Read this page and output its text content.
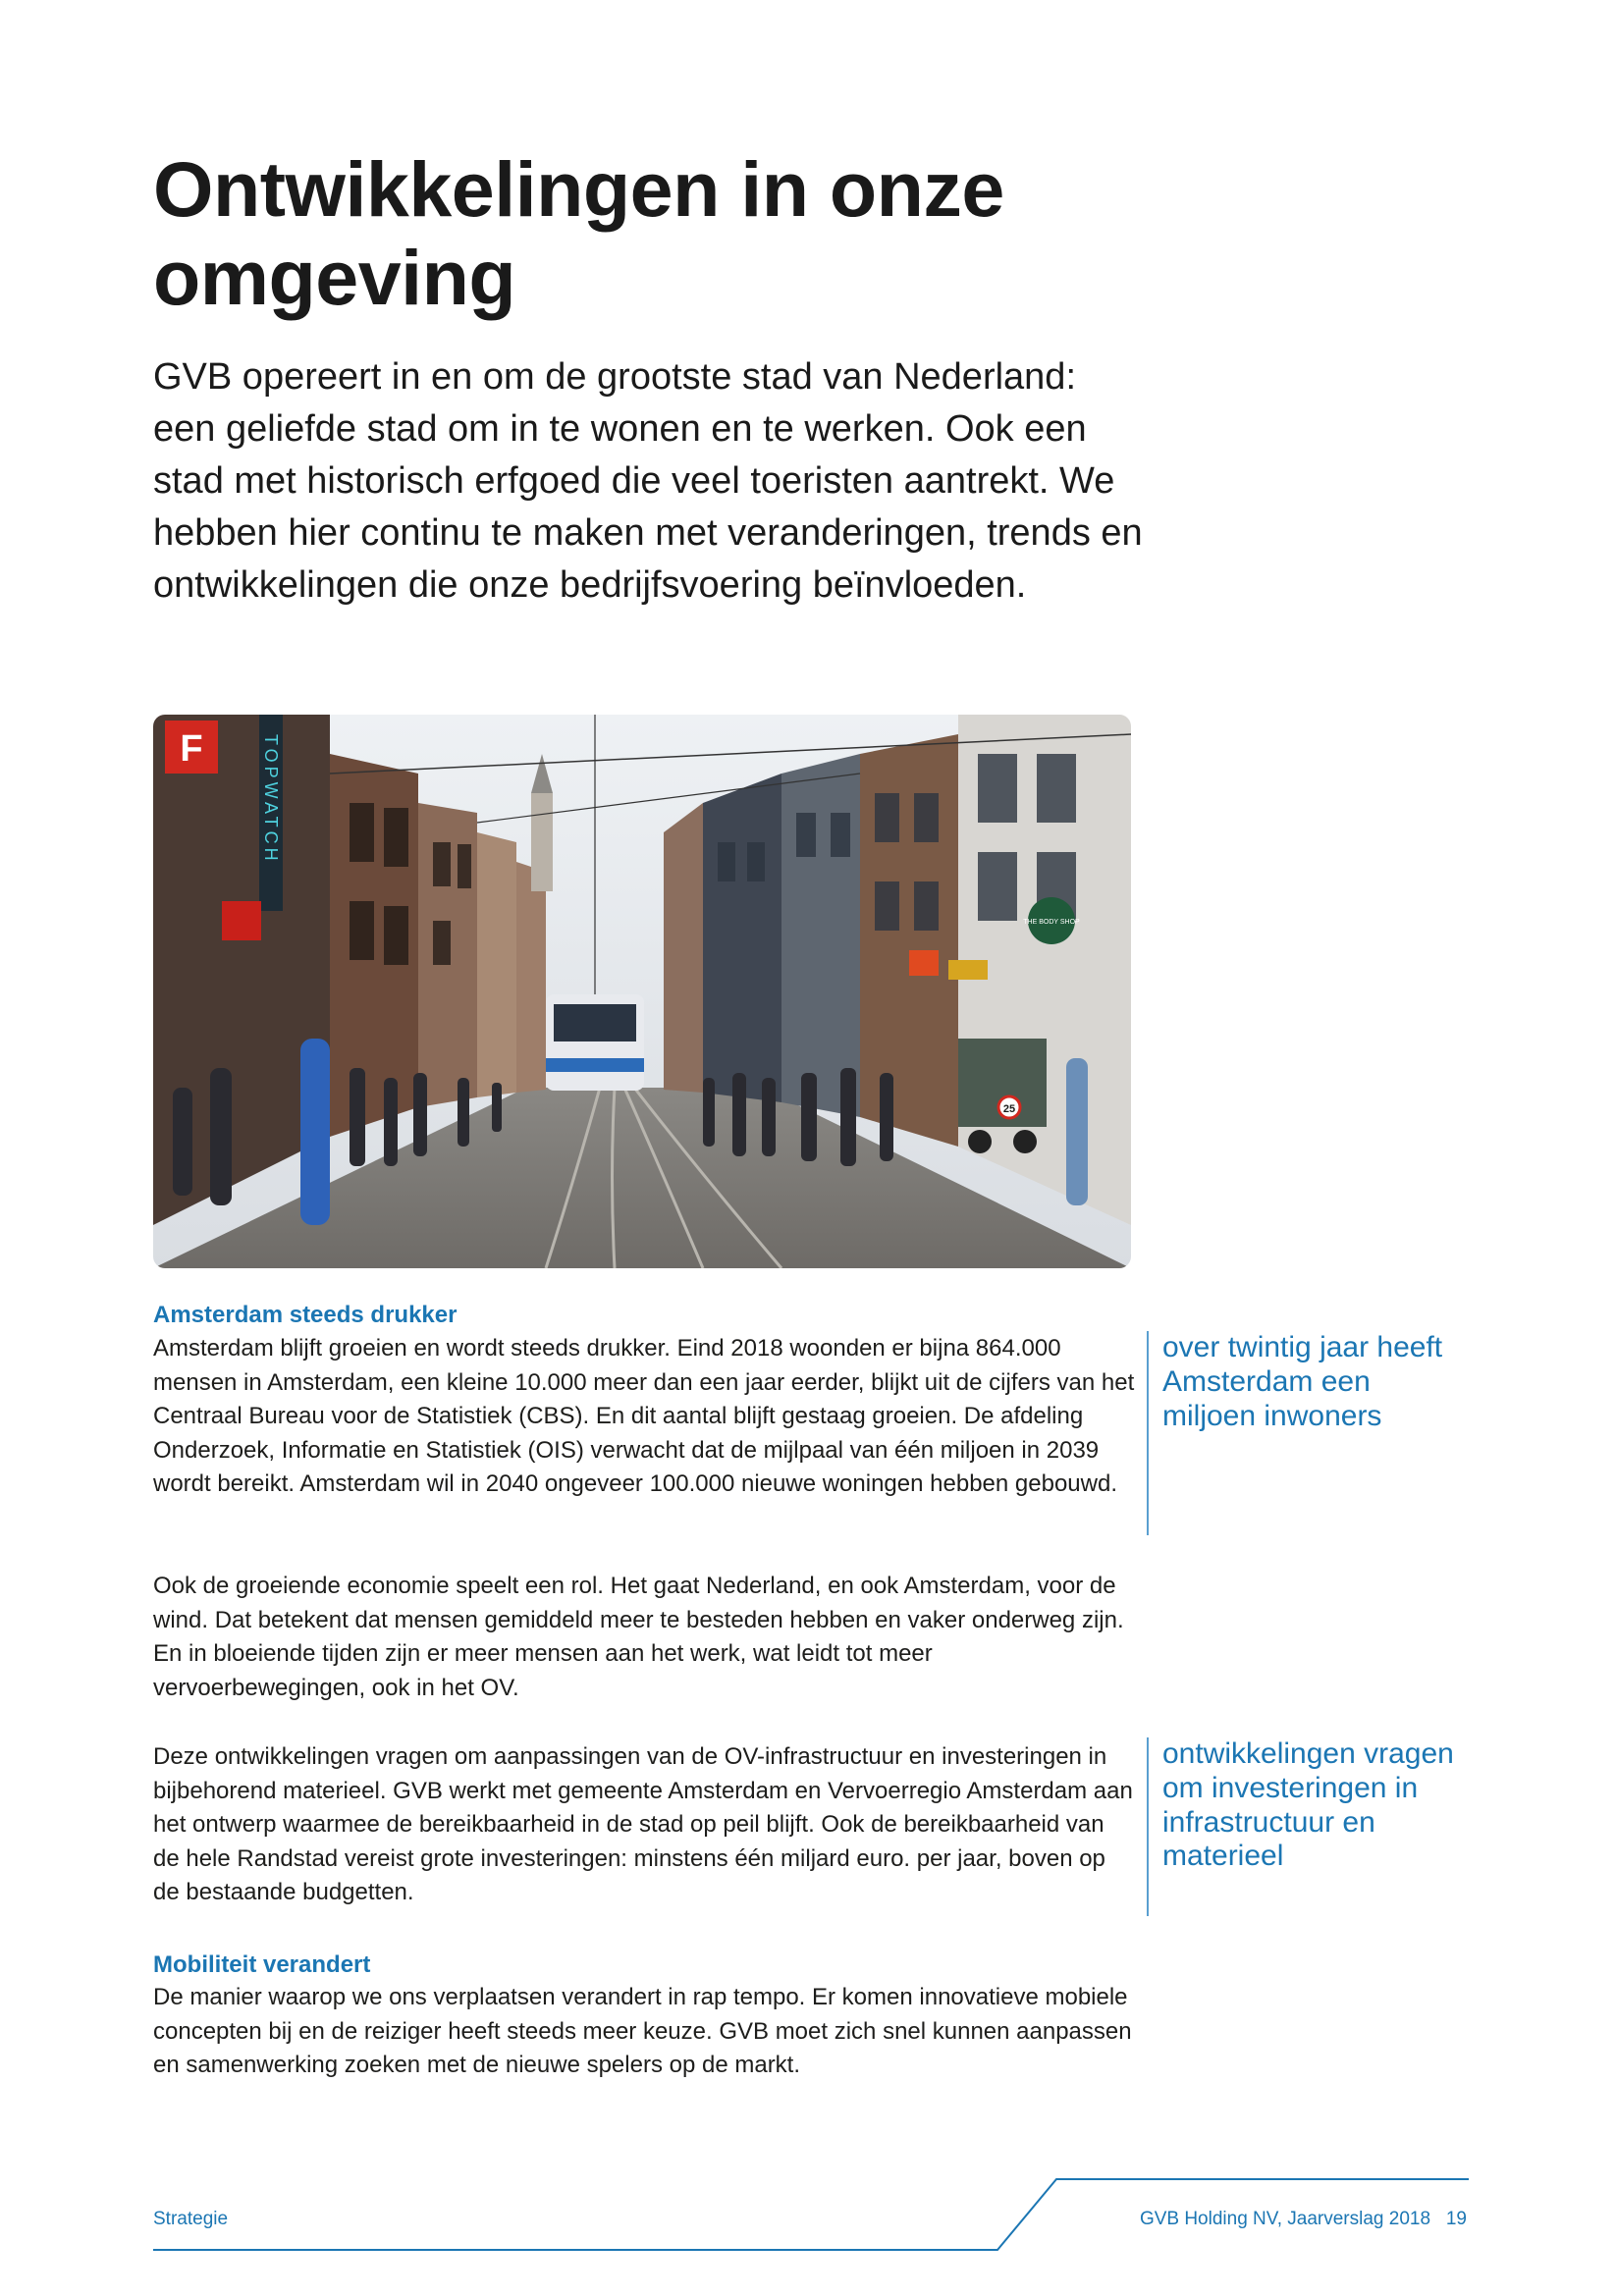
Ontwikkelingen in onze omgeving

GVB opereert in en om de grootste stad van Nederland: een geliefde stad om in te wonen en te werken. Ook een stad met historisch erfgoed die veel toeristen aantrekt. We hebben hier continu te maken met veranderingen, trends en ontwikkelingen die onze bedrijfsvoering beïnvloeden.

F	TOPWATCH
THE BODY SHOP
25
Amsterdam steeds drukker

Amsterdam blijft groeien en wordt steeds drukker. Eind 2018 woonden er bijna 864.000 mensen in Amsterdam, een kleine 10.000 meer dan een jaar eerder, blijkt uit de cijfers van het Centraal Bureau voor de Statistiek (CBS). En dit aantal blijft gestaag groeien. De afdeling Onderzoek, Informatie en Statistiek (OIS) verwacht dat de mijlpaal van één miljoen in 2039 wordt bereikt. Amsterdam wil in 2040 ongeveer 100.000 nieuwe woningen hebben gebouwd.

Ook de groeiende economie speelt een rol. Het gaat Nederland, en ook Amsterdam, voor de wind. Dat betekent dat mensen gemiddeld meer te besteden hebben en vaker onderweg zijn. En in bloeiende tijden zijn er meer mensen aan het werk, wat leidt tot meer vervoerbewegingen, ook in het OV.

Deze ontwikkelingen vragen om aanpassingen van de OV-infrastructuur en investeringen in bijbehorend materieel. GVB werkt met gemeente Amsterdam en Vervoerregio Amsterdam aan het ontwerp waarmee de bereikbaarheid in de stad op peil blijft. Ook de bereikbaarheid van de hele Randstad vereist grote investeringen: minstens één miljard euro. per jaar, boven op de bestaande budgetten.

Mobiliteit verandert

De manier waarop we ons verplaatsen verandert in rap tempo. Er komen innovatieve mobiele concepten bij en de reiziger heeft steeds meer keuze. GVB moet zich snel kunnen aanpassen en samenwerking zoeken met de nieuwe spelers op de markt.

over twintig jaar heeft Amsterdam een miljoen inwoners
ontwikkelingen vragen om investeringen in infrastructuur en materieel
Strategie	GVB Holding NV, Jaarverslag 2018 19
